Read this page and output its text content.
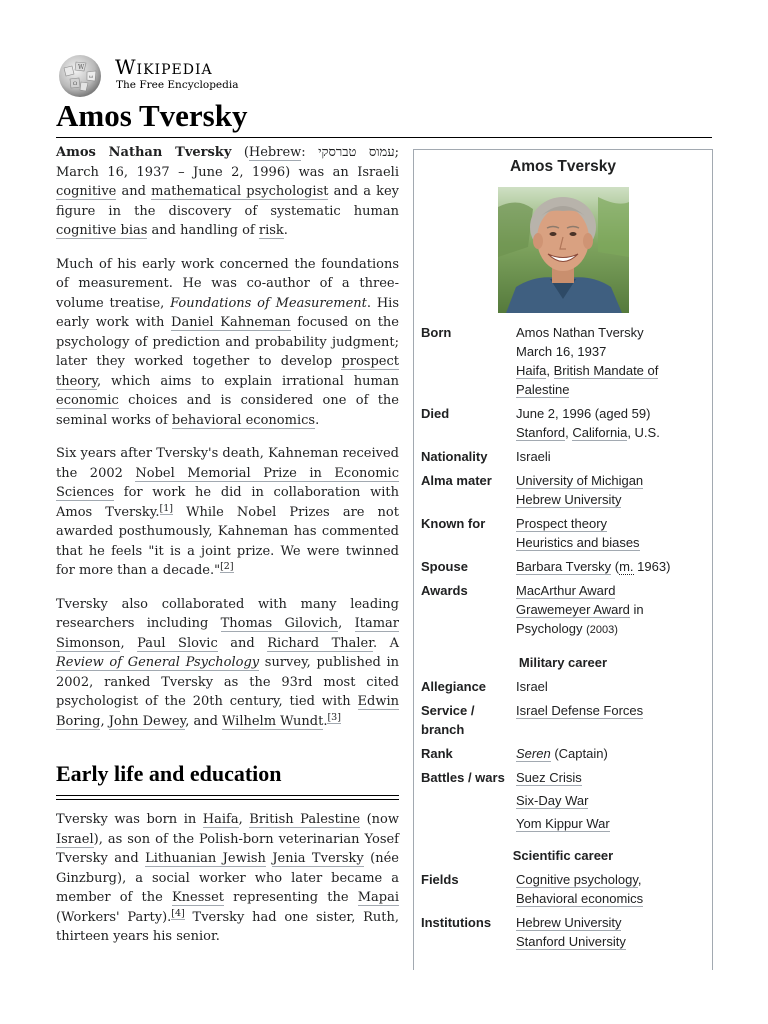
W
ω
Ω
Wikipedia
The Free Encyclopedia
Amos Tversky

Amos Nathan Tversky (Hebrew: עמוס טברסקי; March 16, 1937 – June 2, 1996) was an Israeli cognitive and mathematical psychologist and a key figure in the discovery of systematic human cognitive bias and handling of risk.

Much of his early work concerned the foundations of measurement. He was co-author of a three-volume treatise, Foundations of Measurement. His early work with Daniel Kahneman focused on the psychology of prediction and probability judgment; later they worked together to develop prospect theory, which aims to explain irrational human economic choices and is considered one of the seminal works of behavioral economics.

Six years after Tversky's death, Kahneman received the 2002 Nobel Memorial Prize in Economic Sciences for work he did in collaboration with Amos Tversky.[1] While Nobel Prizes are not awarded posthumously, Kahneman has commented that he feels "it is a joint prize. We were twinned for more than a decade."[2]

Tversky also collaborated with many leading researchers including Thomas Gilovich, Itamar Simonson, Paul Slovic and Richard Thaler. A Review of General Psychology survey, published in 2002, ranked Tversky as the 93rd most cited psychologist of the 20th century, tied with Edwin Boring, John Dewey, and Wilhelm Wundt.[3]

Early life and education

Tversky was born in Haifa, British Palestine (now Israel), as son of the Polish-born veterinarian Yosef Tversky and Lithuanian Jewish Jenia Tversky (née Ginzburg), a social worker who later became a member of the Knesset representing the Mapai (Workers' Party).[4] Tversky had one sister, Ruth, thirteen years his senior.

Amos Tversky
Born	Amos Nathan Tversky
March 16, 1937
Haifa, British Mandate of Palestine

Died	June 2, 1996 (aged 59)
Stanford, California, U.S.

Nationality	Israeli
Alma mater	University of Michigan
Hebrew University

Known for	Prospect theory
Heuristics and biases

Spouse	Barbara Tversky (m. 1963)
Awards	MacArthur Award
Grawemeyer Award in Psychology (2003)

Military career	
Allegiance	Israel
Service / branch	Israel Defense Forces
Rank	Seren (Captain)
Battles / wars	Suez Crisis
Six-Day War
Yom Kippur War

Scientific career	
Fields	Cognitive psychology,
Behavioral economics

Institutions	Hebrew University
Stanford University
